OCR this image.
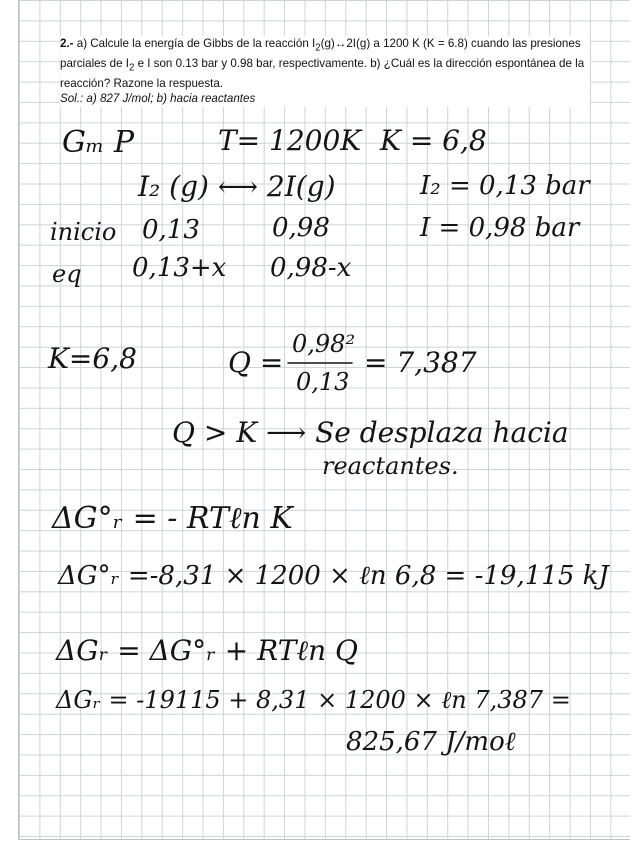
2.- a) Calcule la energía de Gibbs de la reacción $I_2(g)\leftrightarrow 2I(g)$ a 1200 K (K = 6.8) cuando las presiones parciales de $I_2$ e I son 0.13 bar y 0.98 bar, respectivamente. b) ¿Cuál es la dirección espontánea de la reacción? Razone la respuesta.
Sol.: a) 827 J/mol; b) hacia reactantes
Gₘ P	T= 1200K K = 6,8
I₂ (g) ⟷ 2I(g)	I₂ = 0,13 bar
inicio 0,13	0,98	I = 0,98 bar
eq 0,13+x 0,98-x
K=6,8	Q =
0,98²
0,13
= 7,387
Q > K ⟶ Se desplaza hacia
reactantes.
ΔG°ᵣ = - RTℓn K
ΔG°ᵣ =-8,31 × 1200 × ℓn 6,8 = -19,115 kJ
ΔGᵣ = ΔG°ᵣ + RTℓn Q
ΔGᵣ = -19115 + 8,31 × 1200 × ℓn 7,387 =
825,67 J/moℓ
